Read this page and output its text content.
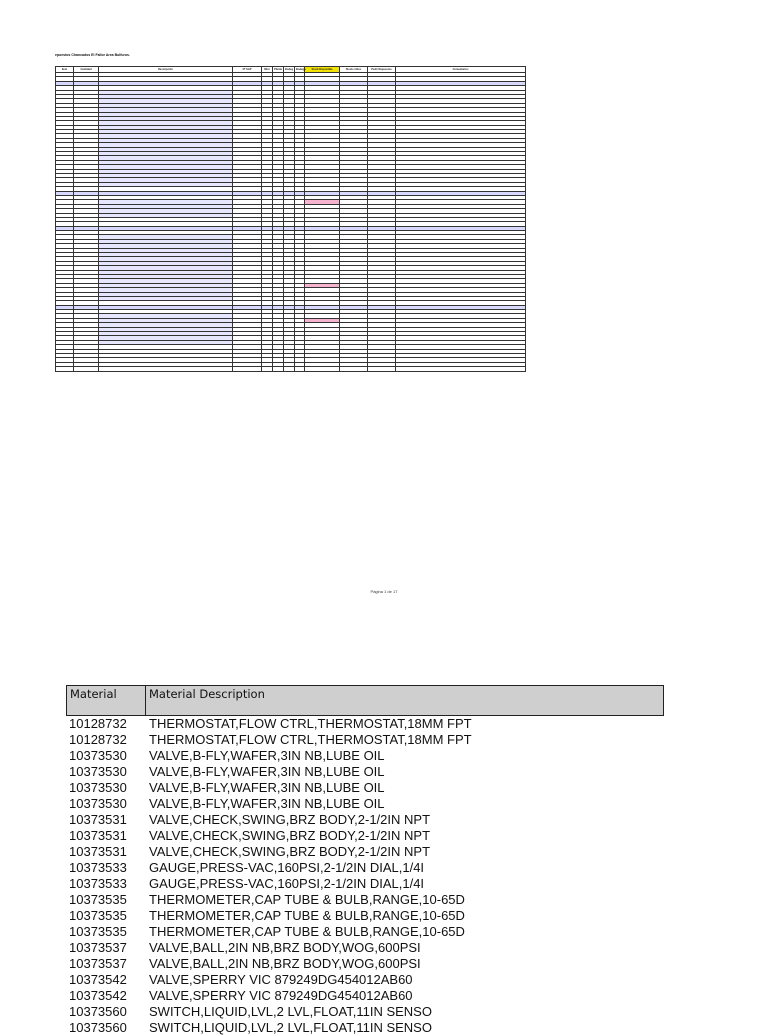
epuestos Chancados El Fallor Area Bulfuros.
Item	Cantidad	Descripción	Nº SAP	Mínr	Planta	Bodeg	Bodega	Stock Disponible	Stock critico	Pedir Repuestos	Comentarios

Página 1 de 17
Material	Material Description
10128732	THERMOSTAT,FLOW CTRL,THERMOSTAT,18MM FPT
10128732	THERMOSTAT,FLOW CTRL,THERMOSTAT,18MM FPT
10373530	VALVE,B-FLY,WAFER,3IN NB,LUBE OIL
10373530	VALVE,B-FLY,WAFER,3IN NB,LUBE OIL
10373530	VALVE,B-FLY,WAFER,3IN NB,LUBE OIL
10373530	VALVE,B-FLY,WAFER,3IN NB,LUBE OIL
10373531	VALVE,CHECK,SWING,BRZ BODY,2-1/2IN NPT
10373531	VALVE,CHECK,SWING,BRZ BODY,2-1/2IN NPT
10373531	VALVE,CHECK,SWING,BRZ BODY,2-1/2IN NPT
10373533	GAUGE,PRESS-VAC,160PSI,2-1/2IN DIAL,1/4I
10373533	GAUGE,PRESS-VAC,160PSI,2-1/2IN DIAL,1/4I
10373535	THERMOMETER,CAP TUBE & BULB,RANGE,10-65D
10373535	THERMOMETER,CAP TUBE & BULB,RANGE,10-65D
10373535	THERMOMETER,CAP TUBE & BULB,RANGE,10-65D
10373537	VALVE,BALL,2IN NB,BRZ BODY,WOG,600PSI
10373537	VALVE,BALL,2IN NB,BRZ BODY,WOG,600PSI
10373542	VALVE,SPERRY VIC 879249DG454012AB60
10373542	VALVE,SPERRY VIC 879249DG454012AB60
10373560	SWITCH,LIQUID,LVL,2 LVL,FLOAT,11IN SENSO
10373560	SWITCH,LIQUID,LVL,2 LVL,FLOAT,11IN SENSO
